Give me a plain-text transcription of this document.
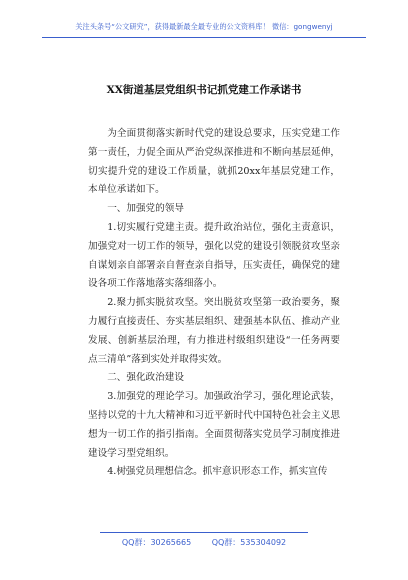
关注头条号“公文研究”，获得最新最全最专业的公文资料库！ 微信：gongwenyj
XX街道基层党组织书记抓党建工作承诺书

为全面贯彻落实新时代党的建设总要求，压实党建工作第一责任，力促全面从严治党纵深推进和不断向基层延伸，切实提升党的建设工作质量，就抓20xx年基层党建工作，本单位承诺如下。

一、加强党的领导

1.切实履行党建主责。提升政治站位，强化主责意识，加强党对一切工作的领导，强化以党的建设引领脱贫攻坚亲自谋划亲自部署亲自督查亲自指导，压实责任，确保党的建设各项工作落地落实落细落小。

2.聚力抓实脱贫攻坚。突出脱贫攻坚第一政治要务，聚力履行直接责任、夯实基层组织、建强基本队伍、推动产业发展、创新基层治理，有力推进村级组织建设“一任务两要点三清单”落到实处并取得实效。

二、强化政治建设

3.加强党的理论学习。加强政治学习，强化理论武装，坚持以党的十九大精神和习近平新时代中国特色社会主义思想为一切工作的指引指南。全面贯彻落实党员学习制度推进建设学习型党组织。

4.树强党员理想信念。抓牢意识形态工作，抓实宣传

QQ群：30265665	QQ群：535304092
